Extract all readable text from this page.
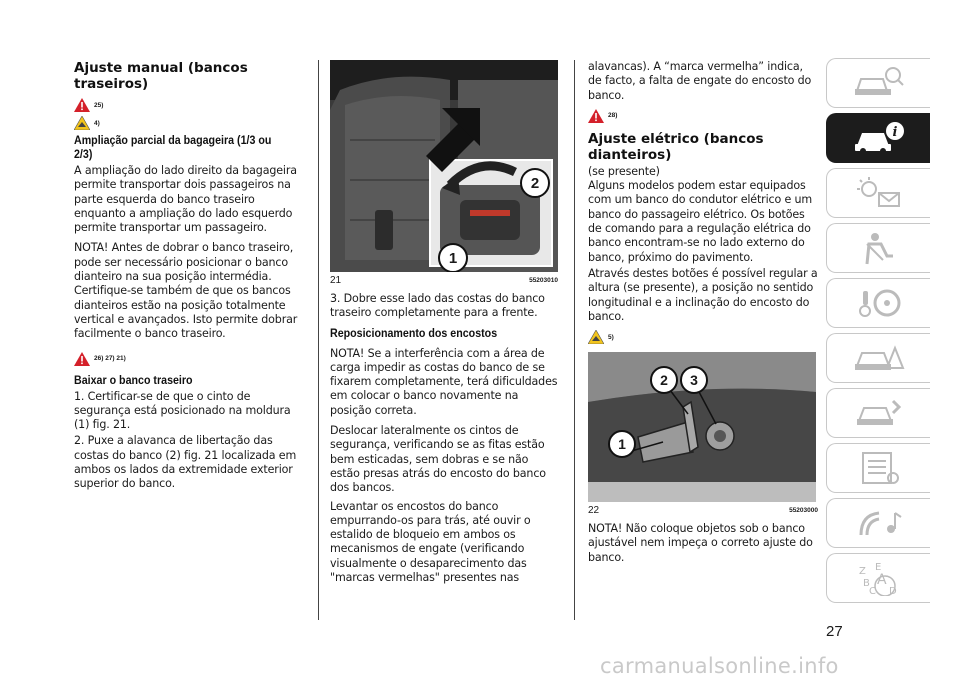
Ajuste manual (bancos traseiros)
25)
4)
Ampliação parcial da bagageira (1/3 ou 2/3)

A ampliação do lado direito da bagageira permite transportar dois passageiros na parte esquerda do banco traseiro enquanto a ampliação do lado esquerdo permite transportar um passageiro.

NOTA! Antes de dobrar o banco traseiro, pode ser necessário posicionar o banco dianteiro na sua posição intermédia. Certifique-se também de que os bancos dianteiros estão na posição totalmente vertical e avançados. Isto permite dobrar facilmente o banco traseiro.

26) 27) 21)
Baixar o banco traseiro

1. Certificar-se de que o cinto de segurança está posicionado na moldura (1) fig. 21.

2. Puxe a alavanca de libertação das costas do banco (2) fig. 21 localizada em ambos os lados da extremidade exterior superior do banco.

1
2
21	55203010

3. Dobre esse lado das costas do banco traseiro completamente para a frente.

Reposicionamento dos encostos

NOTA! Se a interferência com a área de carga impedir as costas do banco de se fixarem completamente, terá dificuldades em colocar o banco novamente na posição correta.

Deslocar lateralmente os cintos de segurança, verificando se as fitas estão bem esticadas, sem dobras e se não estão presas atrás do encosto do banco dos bancos.

Levantar os encostos do banco empurrando-os para trás, até ouvir o estalido de bloqueio em ambos os mecanismos de engate (verificando visualmente o desaparecimento das "marcas vermelhas" presentes nas

alavancas). A “marca vermelha” indica, de facto, a falta de engate do encosto do banco.

28)
Ajuste elétrico (bancos dianteiros)

(se presente)

Alguns modelos podem estar equipados com um banco do condutor elétrico e um banco do passageiro elétrico. Os botões de comando para a regulação elétrica do banco encontram-se no lado externo do banco, próximo do pavimento.

Através destes botões é possível regular a altura (se presente), a posição no sentido longitudinal e a inclinação do encosto do banco.

5)
1
2 3
22	55203000

NOTA! Não coloque objetos sob o banco ajustável nem impeça o correto ajuste do banco.

i
Z E
B A
C D
27
carmanualsonline.info
